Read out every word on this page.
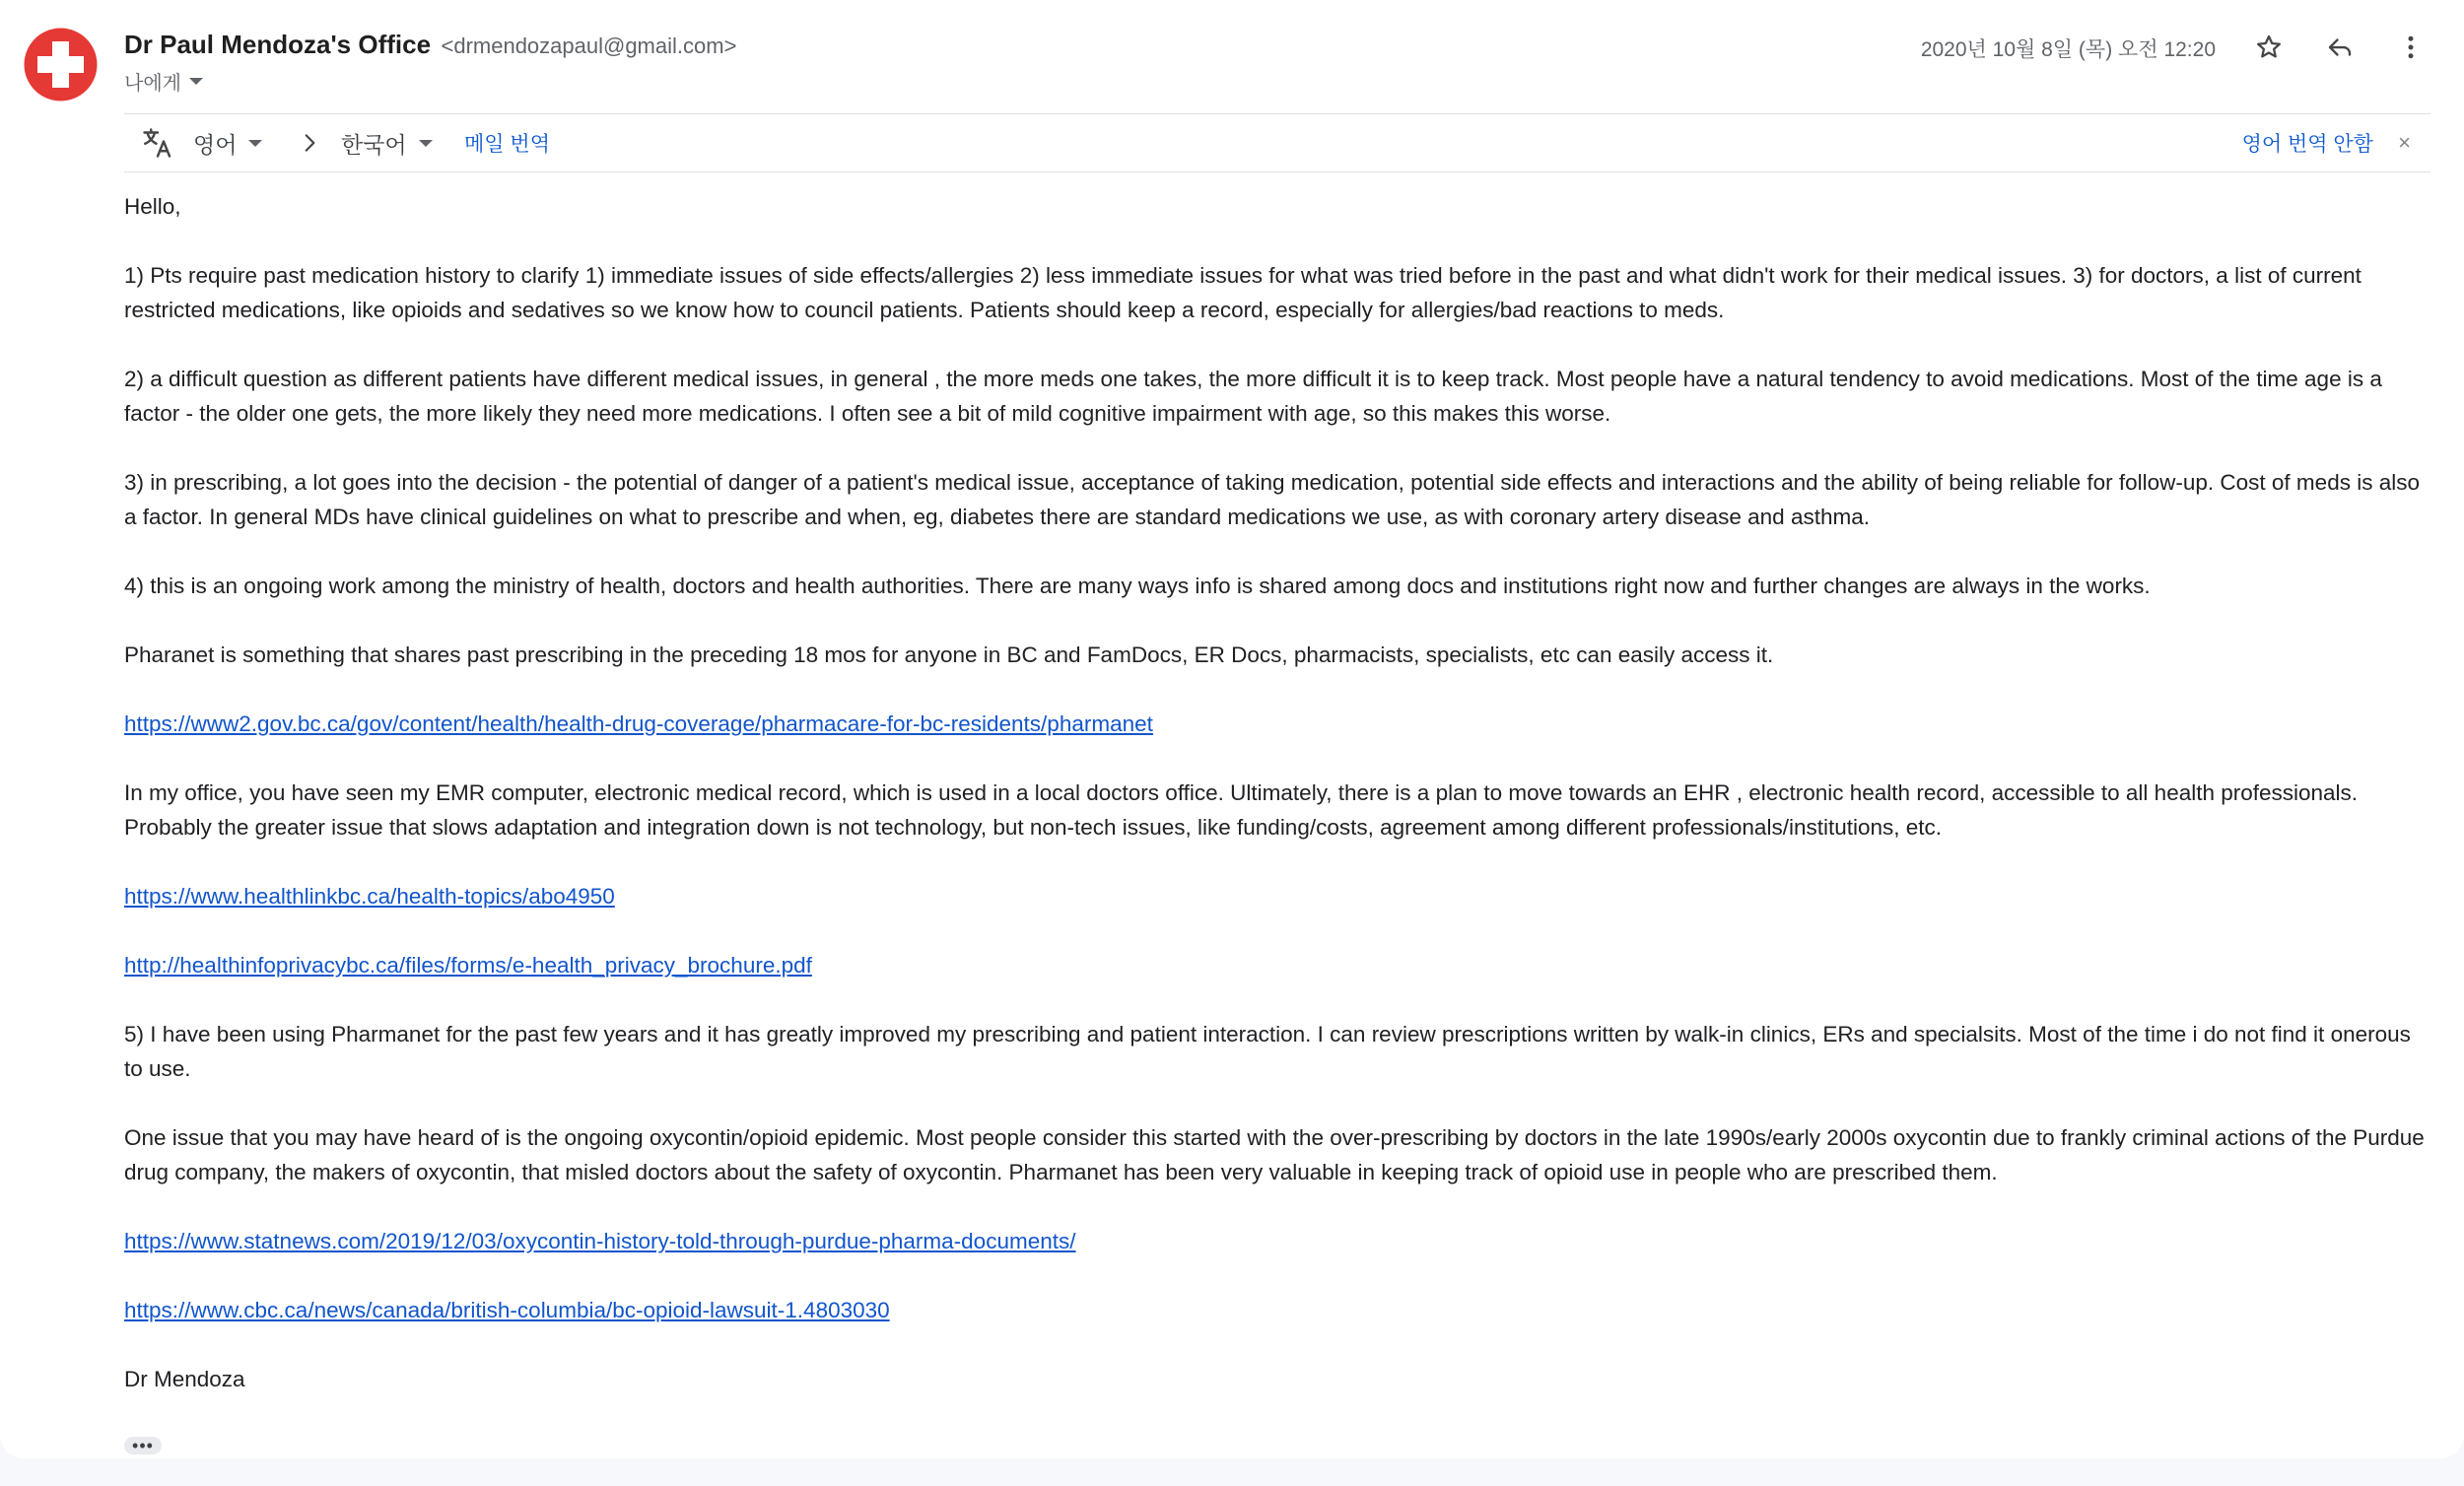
Dr Paul Mendoza's Office <drmendozapaul@gmail.com>
나에게
2020년 10월 8일 (목) 오전 12:20
영어	한국어	메일 번역	영어 번역 안함 ×

Hello,

1) Pts require past medication history to clarify 1) immediate issues of side effects/allergies 2) less immediate issues for what was tried before in the past and what didn't work for their medical issues. 3) for doctors, a list of current restricted medications, like opioids and sedatives so we know how to council patients. Patients should keep a record, especially for allergies/bad reactions to meds.

2) a difficult question as different patients have different medical issues, in general , the more meds one takes, the more difficult it is to keep track. Most people have a natural tendency to avoid medications. Most of the time age is a factor - the older one gets, the more likely they need more medications. I often see a bit of mild cognitive impairment with age, so this makes this worse.

3) in prescribing, a lot goes into the decision - the potential of danger of a patient's medical issue, acceptance of taking medication, potential side effects and interactions and the ability of being reliable for follow-up. Cost of meds is also a factor. In general MDs have clinical guidelines on what to prescribe and when, eg, diabetes there are standard medications we use, as with coronary artery disease and asthma.

4) this is an ongoing work among the ministry of health, doctors and health authorities. There are many ways info is shared among docs and institutions right now and further changes are always in the works.

Pharanet is something that shares past prescribing in the preceding 18 mos for anyone in BC and FamDocs, ER Docs, pharmacists, specialists, etc can easily access it.

https://www2.gov.bc.ca/gov/content/health/health-drug-coverage/pharmacare-for-bc-residents/pharmanet

In my office, you have seen my EMR computer, electronic medical record, which is used in a local doctors office. Ultimately, there is a plan to move towards an EHR , electronic health record, accessible to all health professionals. Probably the greater issue that slows adaptation and integration down is not technology, but non-tech issues, like funding/costs, agreement among different professionals/institutions, etc.

https://www.healthlinkbc.ca/health-topics/abo4950

http://healthinfoprivacybc.ca/files/forms/e-health_privacy_brochure.pdf

5) I have been using Pharmanet for the past few years and it has greatly improved my prescribing and patient interaction. I can review prescriptions written by walk-in clinics, ERs and specialsits. Most of the time i do not find it onerous to use.

One issue that you may have heard of is the ongoing oxycontin/opioid epidemic. Most people consider this started with the over-prescribing by doctors in the late 1990s/early 2000s oxycontin due to frankly criminal actions of the Purdue drug company, the makers of oxycontin, that misled doctors about the safety of oxycontin. Pharmanet has been very valuable in keeping track of opioid use in people who are prescribed them.

https://www.statnews.com/2019/12/03/oxycontin-history-told-through-purdue-pharma-documents/

https://www.cbc.ca/news/canada/british-columbia/bc-opioid-lawsuit-1.4803030

Dr Mendoza

•••
